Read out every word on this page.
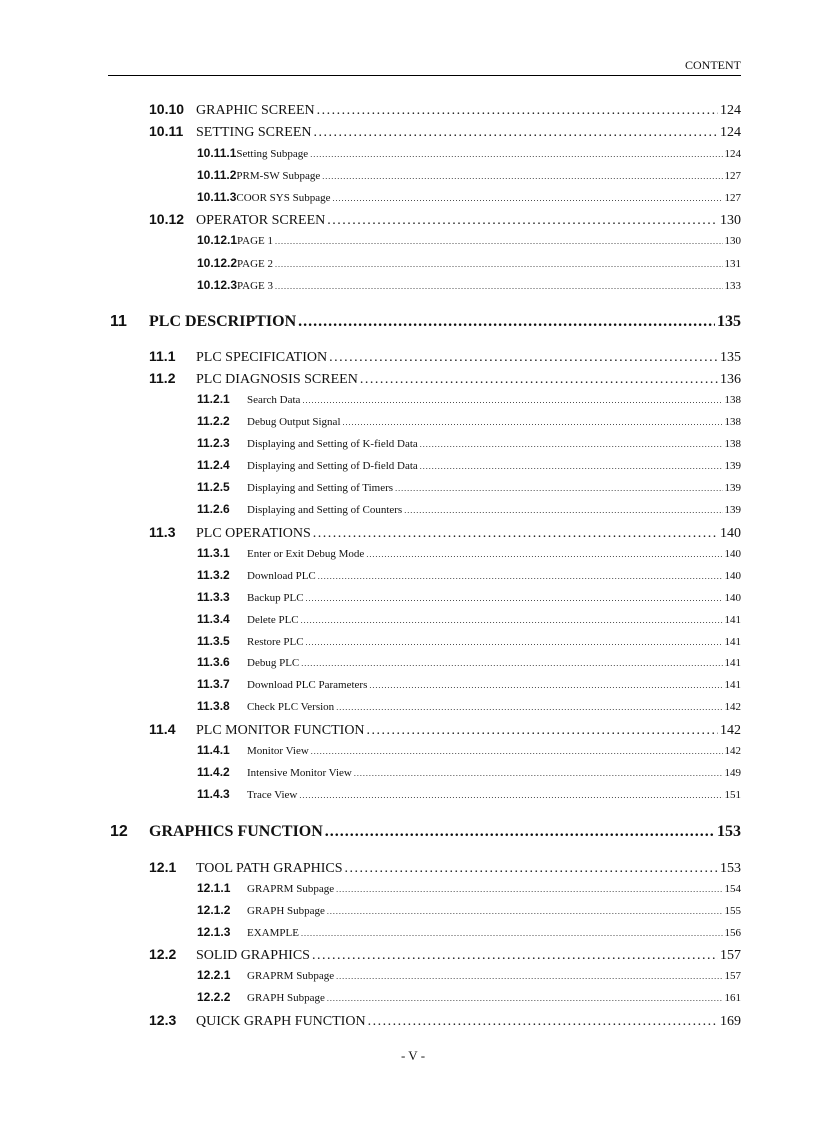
CONTENT
10.10 GRAPHIC SCREEN . . .	124
10.11 SETTING SCREEN . . .	124
10.11.1 Setting Subpage . . .	124
10.11.2 PRM-SW Subpage . . .	127
10.11.3 COOR SYS Subpage . . .	127
10.12 OPERATOR SCREEN . . .	130
10.12.1 PAGE 1 . . .	130
10.12.2 PAGE 2 . . .	131
10.12.3 PAGE 3 . . .	133
11	PLC DESCRIPTION . . .	135
11.1	PLC SPECIFICATION . . .	135
11.2	PLC DIAGNOSIS SCREEN . . .	136
11.2.1	Search Data . . .	138
11.2.2	Debug Output Signal . . .	138
11.2.3	Displaying and Setting of K-field Data . . .	138
11.2.4	Displaying and Setting of D-field Data . . .	139
11.2.5	Displaying and Setting of Timers . . .	139
11.2.6	Displaying and Setting of Counters . . .	139
11.3	PLC OPERATIONS . . .	140
11.3.1	Enter or Exit Debug Mode . . .	140
11.3.2	Download PLC . . .	140
11.3.3	Backup PLC . . .	140
11.3.4	Delete PLC . . .	141
11.3.5	Restore PLC . . .	141
11.3.6	Debug PLC . . .	141
11.3.7	Download PLC Parameters . . .	141
11.3.8	Check PLC Version . . .	142
11.4	PLC MONITOR FUNCTION . . .	142
11.4.1	Monitor View . . .	142
11.4.2	Intensive Monitor View . . .	149
11.4.3	Trace View . . .	151
12	GRAPHICS FUNCTION . . .	153
12.1	TOOL PATH GRAPHICS . . .	153
12.1.1	GRAPRM Subpage . . .	154
12.1.2	GRAPH Subpage . . .	155
12.1.3	EXAMPLE . . .	156
12.2	SOLID GRAPHICS . . .	157
12.2.1	GRAPRM Subpage . . .	157
12.2.2	GRAPH Subpage . . .	161
12.3	QUICK GRAPH FUNCTION . . .	169
- V -
